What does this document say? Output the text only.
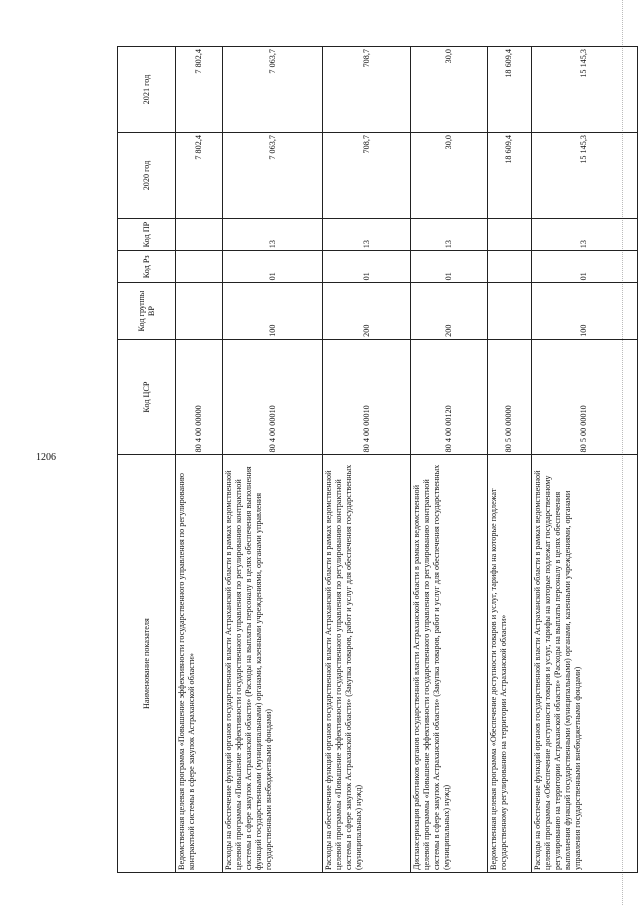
1206
Наименование показателя	Код ЦСР	Код группы ВР	Код Рз	Код ПР	2020 год	2021 год
Ведомственная целевая программа «Повышение эффективности государственного управления по регулированию контрактной системы в сфере закупок Астраханской области»	80 4 00 00000				7 802,4	7 802,4
Расходы на обеспечение функций органов государственной власти Астраханской области в рамках ведомственной целевой программы «Повышение эффективности государственного управления по регулированию контрактной системы в сфере закупок Астраханской области» (Расходы на выплаты персоналу в целях обеспечения выполнения функций государственными (муниципальными) органами, казенными учреждениями, органами управления государственными внебюджетными фондами)	80 4 00 00010	100	01	13	7 063,7	7 063,7
Расходы на обеспечение функций органов государственной власти Астраханской области в рамках ведомственной целевой программы «Повышение эффективности государственного управления по регулированию контрактной системы в сфере закупок Астраханской области» (Закупка товаров, работ и услуг для обеспечения государственных (муниципальных) нужд)	80 4 00 00010	200	01	13	708,7	708,7
Диспансеризация работников органов государственной власти Астраханской области в рамках ведомственной целевой программы «Повышение эффективности государственного управления по регулированию контрактной системы в сфере закупок Астраханской области» (Закупка товаров, работ и услуг для обеспечения государственных (муниципальных) нужд)	80 4 00 00120	200	01	13	30,0	30,0
Ведомственная целевая программа «Обеспечение доступности товаров и услуг, тарифы на которые подлежат государственному регулированию на территории Астраханской области»	80 5 00 00000				18 609,4	18 609,4
Расходы на обеспечение функций органов государственной власти Астраханской области в рамках ведомственной целевой программы «Обеспечение доступности товаров и услуг, тарифы на которые подлежат государственному регулированию на территории Астраханской области» (Расходы на выплаты персоналу в целях обеспечения выполнения функций государственными (муниципальными) органами, казенными учреждениями, органами управления государственными внебюджетными фондами)	80 5 00 00010	100	01	13	15 145,3	15 145,3
